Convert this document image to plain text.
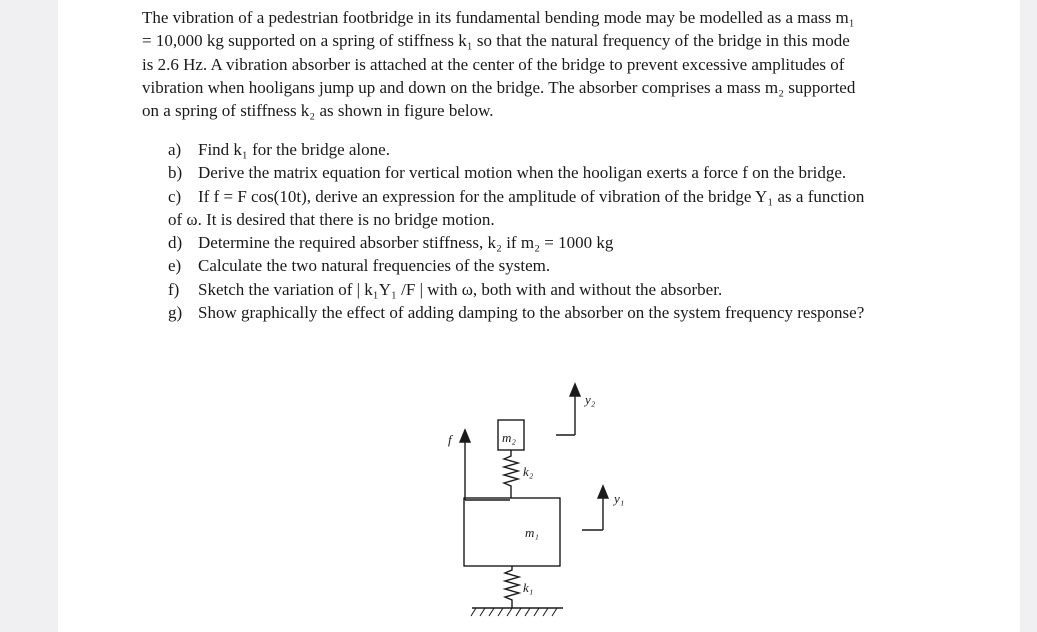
The vibration of a pedestrian footbridge in its fundamental bending mode may be modelled as a mass m₁
= 10,000 kg supported on a spring of stiffness k₁ so that the natural frequency of the bridge in this mode
is 2.6 Hz. A vibration absorber is attached at the center of the bridge to prevent excessive amplitudes of
vibration when hooligans jump up and down on the bridge. The absorber comprises a mass m₂ supported
on a spring of stiffness k₂ as shown in figure below.
a) Find k₁ for the bridge alone.
b) Derive the matrix equation for vertical motion when the hooligan exerts a force f on the bridge.
c) If f = F cos(10t), derive an expression for the amplitude of vibration of the bridge Y₁ as a function
of ω. It is desired that there is no bridge motion.
d) Determine the required absorber stiffness, k₂ if m₂ = 1000 kg
e) Calculate the two natural frequencies of the system.
f)	Sketch the variation of | k₁Y₁ /F | with ω, both with and without the absorber.
g) Show graphically the effect of adding damping to the absorber on the system frequency response?
f	m₂
k₂
m₁
k₁
y₂
y₁
